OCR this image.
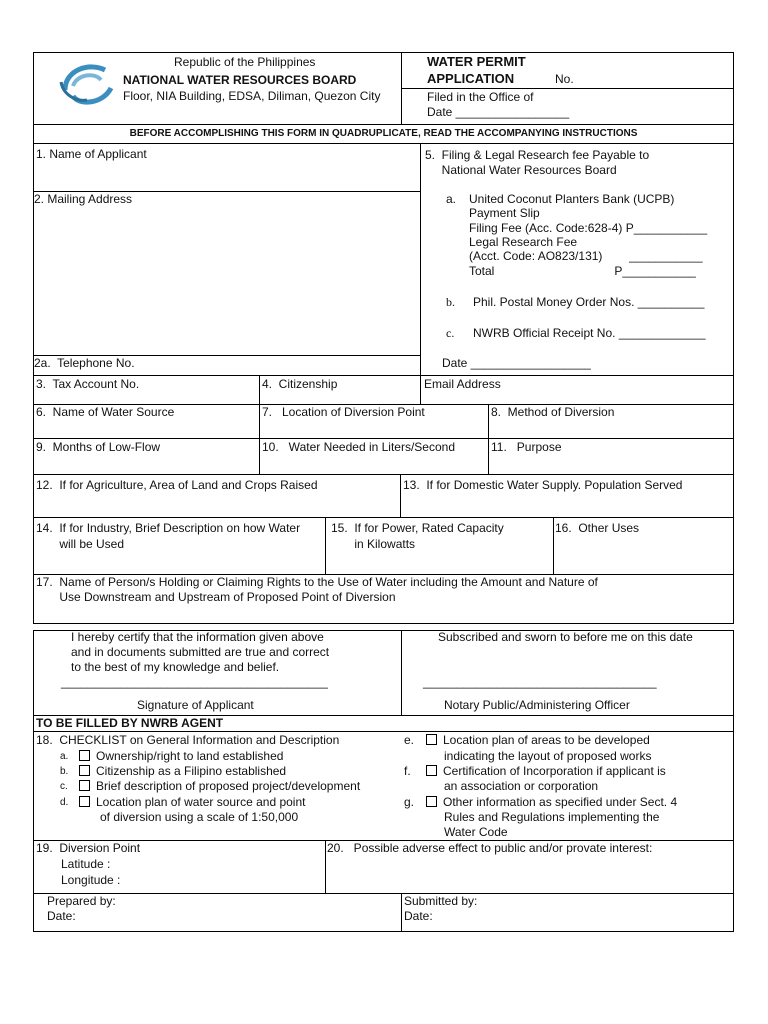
Republic of the Philippines
NATIONAL WATER RESOURCES BOARD
Floor, NIA Building, EDSA, Diliman, Quezon City
WATER PERMIT
APPLICATION	No.
Filed in the Office of
Date _________________
BEFORE ACCOMPLISHING THIS FORM IN QUADRUPLICATE, READ THE ACCOMPANYING INSTRUCTIONS
1. Name of Applicant
2. Mailing Address
2a.  Telephone No.
5.  Filing & Legal Research fee Payable to
National Water Resources Board
a. United Coconut Planters Bank (UCPB)
Payment Slip
Filing Fee (Acc. Code:628-4) P___________
Legal Research Fee
(Acct. Code: AO823/131)        ___________
Total                                    P___________
b. Phil. Postal Money Order Nos. __________
c. NWRB Official Receipt No. _____________
Date __________________
3.  Tax Account No.	4.  Citizenship	Email Address
6.  Name of Water Source	7.   Location of Diversion Point	8.  Method of Diversion
9.  Months of Low-Flow	10.   Water Needed in Liters/Second	11.   Purpose
12.  If for Agriculture, Area of Land and Crops Raised	13.  If for Domestic Water Supply. Population Served
14.  If for Industry, Brief Description on how Water
will be Used
15.  If for Power, Rated Capacity
in Kilowatts
16.  Other Uses
17.  Name of Person/s Holding or Claiming Rights to the Use of Water including the Amount and Nature of
Use Downstream and Upstream of Proposed Point of Diversion
I hereby certify that the information given above
and in documents submitted are true and correct
to the best of my knowledge and belief.
________________________________________
Signature of Applicant
Subscribed and sworn to before me on this date
___________________________________
Notary Public/Administering Officer
TO BE FILLED BY NWRB AGENT
18.  CHECKLIST on General Information and Description
a.	Ownership/right to land established
b.	Citizenship as a Filipino established
c.	Brief description of proposed project/development
d.	Location plan of water source and point
of diversion using a scale of 1:50,000
e.	Location plan of areas to be developed
indicating the layout of proposed works
f.	Certification of Incorporation if applicant is
an association or corporation
g.	Other information as specified under Sect. 4
Rules and Regulations implementing the
Water Code
19.  Diversion Point
Latitude :
Longitude :
20.   Possible adverse effect to public and/or provate interest:
Prepared by:
Date:
Submitted by:
Date:
